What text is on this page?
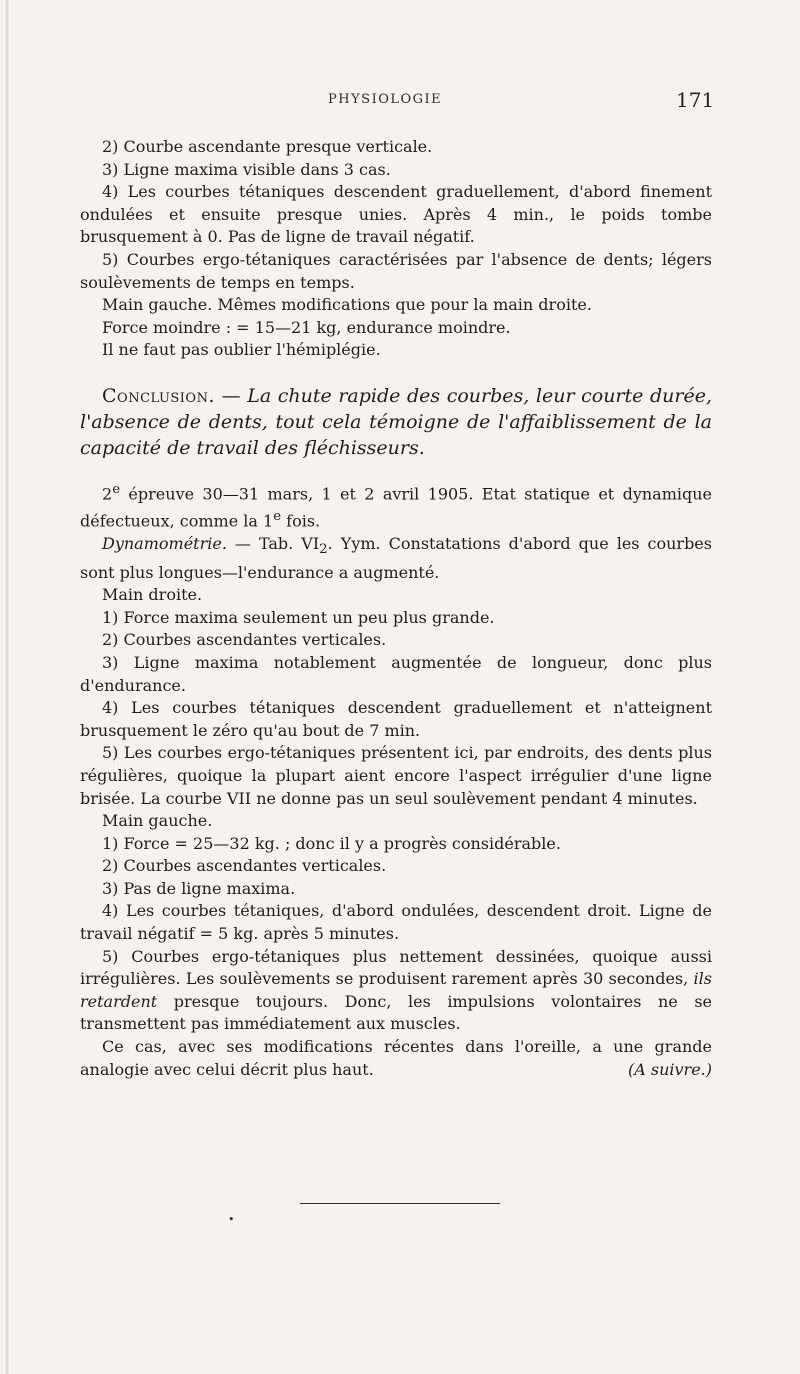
PHYSIOLOGIE	171

2) Courbe ascendante presque verticale.

3) Ligne maxima visible dans 3 cas.

4) Les courbes tétaniques descendent graduellement, d'abord finement ondulées et ensuite presque unies. Après 4 min., le poids tombe brusquement à 0. Pas de ligne de travail négatif.

5) Courbes ergo-tétaniques caractérisées par l'absence de dents; légers soulèvements de temps en temps.

Main gauche. Mêmes modifications que pour la main droite.

Force moindre : = 15—21 kg, endurance moindre.

Il ne faut pas oublier l'hémiplégie.

Conclusion. — La chute rapide des courbes, leur courte durée, l'absence de dents, tout cela témoigne de l'affaiblissement de la capacité de travail des fléchisseurs.

2e épreuve 30—31 mars, 1 et 2 avril 1905. Etat statique et dynamique défectueux, comme la 1e fois.

Dynamométrie. — Tab. $VI_2$. Yym. Constatations d'abord que les courbes sont plus longues—l'endurance a augmenté.

Main droite.

1) Force maxima seulement un peu plus grande.

2) Courbes ascendantes verticales.

3) Ligne maxima notablement augmentée de longueur, donc plus d'endurance.

4) Les courbes tétaniques descendent graduellement et n'atteignent brusquement le zéro qu'au bout de 7 min.

5) Les courbes ergo-tétaniques présentent ici, par endroits, des dents plus régulières, quoique la plupart aient encore l'aspect irrégulier d'une ligne brisée. La courbe VII ne donne pas un seul soulèvement pendant 4 minutes.

Main gauche.

1) Force = 25—32 kg. ; donc il y a progrès considérable.

2) Courbes ascendantes verticales.

3) Pas de ligne maxima.

4) Les courbes tétaniques, d'abord ondulées, descendent droit. Ligne de travail négatif = 5 kg. après 5 minutes.

5) Courbes ergo-tétaniques plus nettement dessinées, quoique aussi irrégulières. Les soulèvements se produisent rarement après 30 secondes, ils retardent presque toujours. Donc, les impulsions volontaires ne se transmettent pas immédiatement aux muscles.

Ce cas, avec ses modifications récentes dans l'oreille, a une grande analogie avec celui décrit plus haut.	(A suivre.)

•
